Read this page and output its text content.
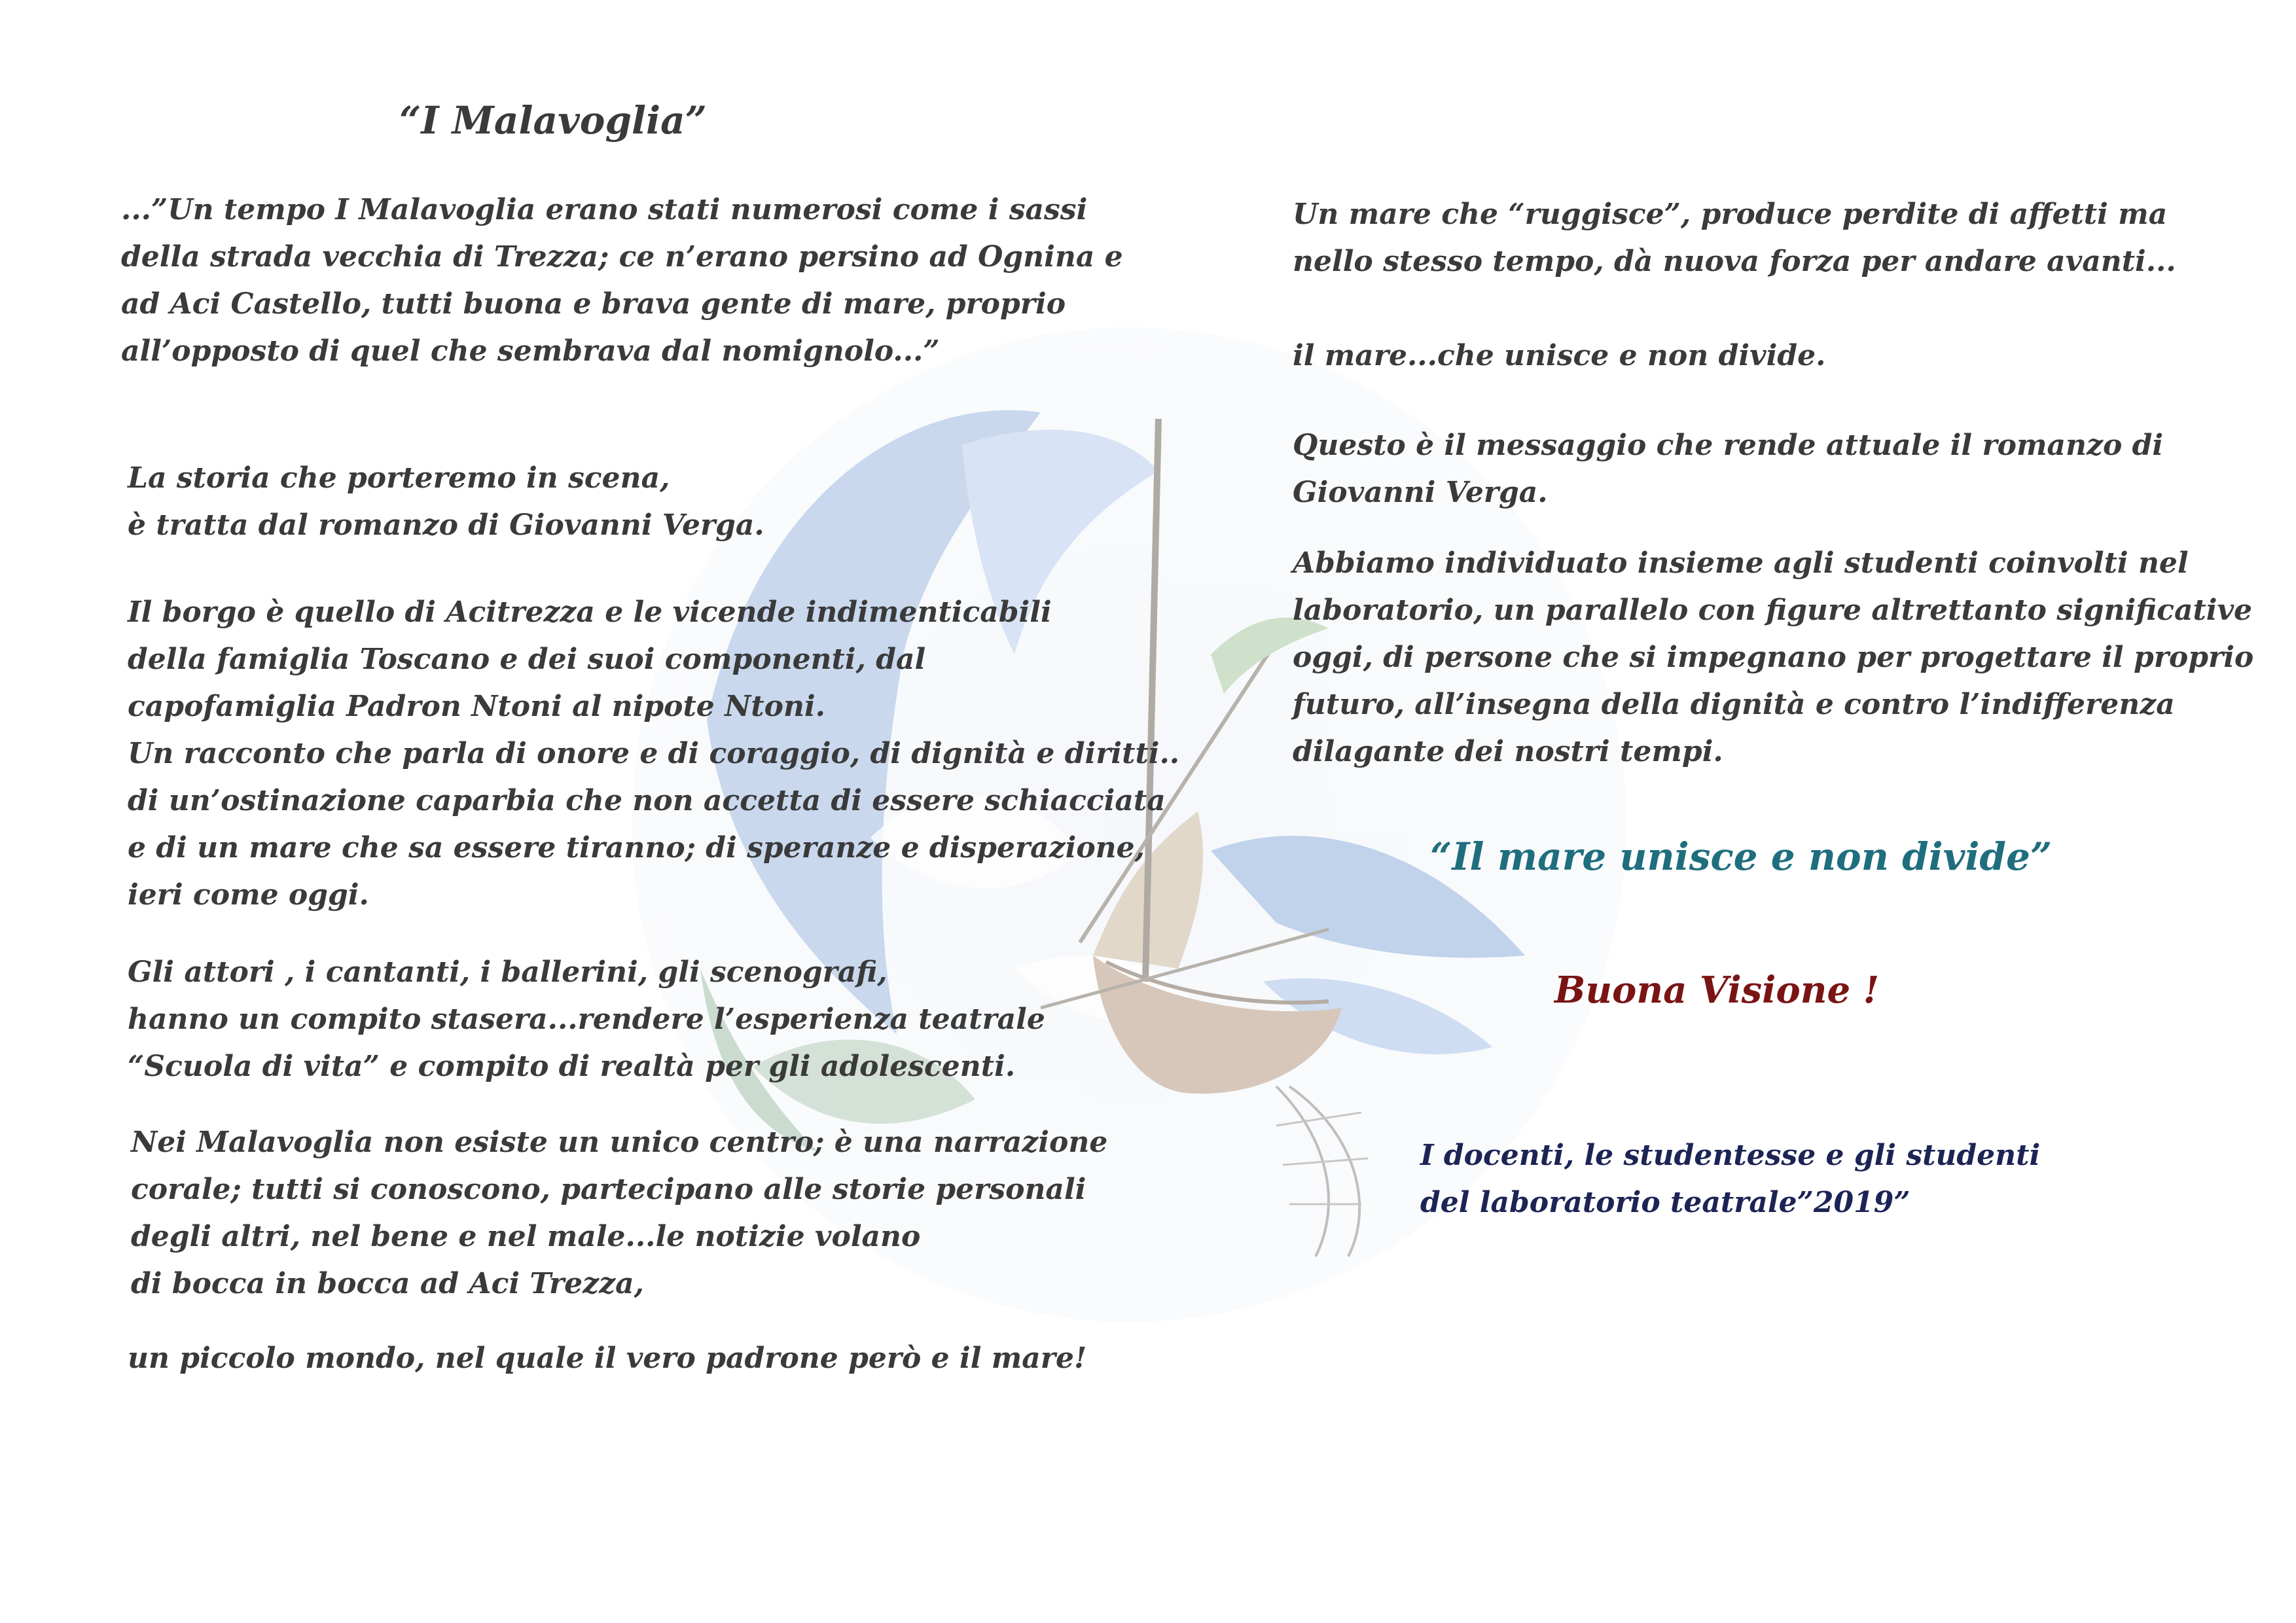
“I Malavoglia”
...”Un tempo I Malavoglia erano stati numerosi come i sassi
della strada vecchia di Trezza; ce n’erano persino ad Ognina e
ad Aci Castello, tutti buona e brava gente di mare, proprio
all’opposto di quel che sembrava dal nomignolo...”
La storia che porteremo in scena,
è tratta dal romanzo di Giovanni Verga.
Il borgo è quello di Acitrezza e le vicende indimenticabili
della famiglia Toscano e dei suoi componenti, dal
capofamiglia Padron Ntoni al nipote Ntoni.
Un racconto che parla di onore e di coraggio, di dignità e diritti..
di un’ostinazione caparbia che non accetta di essere schiacciata
e di un mare che sa essere tiranno; di speranze e disperazione,
ieri come oggi.
Gli attori , i cantanti, i ballerini, gli scenografi,
hanno un compito stasera...rendere l’esperienza teatrale
“Scuola di vita” e compito di realtà per gli adolescenti.
Nei Malavoglia non esiste un unico centro; è una narrazione
corale; tutti si conoscono, partecipano alle storie personali
degli altri, nel bene e nel male...le notizie volano
di bocca in bocca ad Aci Trezza,
un piccolo mondo, nel quale il vero padrone però e il mare!
Un mare che “ruggisce”, produce perdite di affetti ma
nello stesso tempo, dà nuova forza per andare avanti...
il mare...che unisce e non divide.
Questo è il messaggio che rende attuale il romanzo di
Giovanni Verga.
Abbiamo individuato insieme agli studenti coinvolti nel
laboratorio, un parallelo con figure altrettanto significative
oggi, di persone che si impegnano per progettare il proprio
futuro, all’insegna della dignità e contro l’indifferenza
dilagante dei nostri tempi.
“Il mare unisce e non divide”
Buona Visione !
I docenti, le studentesse e gli studenti
del laboratorio teatrale”2019”
